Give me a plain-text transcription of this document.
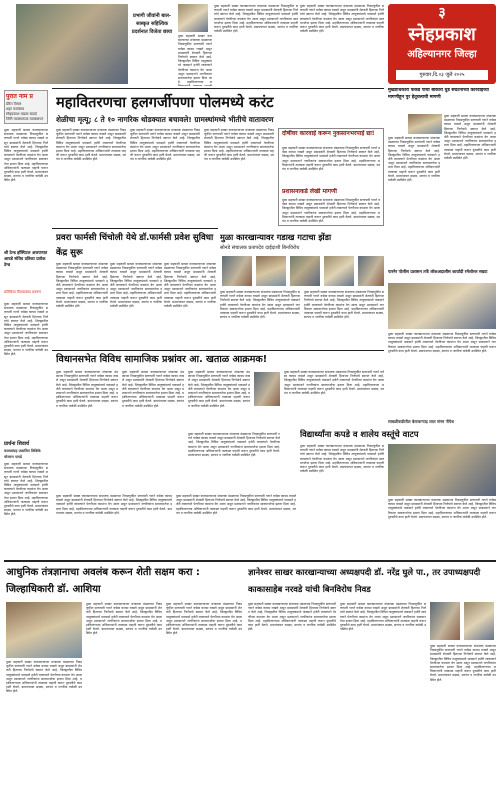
प्रभागी जीवांनी बाल-सास्कृत सहित्यिक प्रदर्शनात विजेता छाया
मुळा सहकारी साखर कारखान्याच्या संचालक मंडळाच्या निवडणुकीत सत्ताधारी गटाने वर्चस्व कायम राखले असून ग्रामस्थांनी शेतकरी हिताच्या निर्णयांचे स्वागत केले आहे. जिल्ह्यातील विविध तालुक्यांमध्ये पावसाने हजेरी लावल्याने पेरणीच्या कामांना वेग आला असून प्रशासनाने नागरिकांना सावधानतेचा इशारा दिला आहे. महावितरणच्या अ
मुळा सहकारी साखर कारखान्याच्या संचालक मंडळाच्या निवडणुकीत सत्ताधारी गटाने वर्चस्व कायम राखले असून ग्रामस्थांनी शेतकरी हिताच्या निर्णयांचे स्वागत केले आहे. जिल्ह्यातील विविध तालुक्यांमध्ये पावसाने हजेरी लावल्याने पेरणीच्या कामांना वेग आला असून प्रशासनाने नागरिकांना सावधानतेचा इशारा दिला आहे. महावितरणच्या अधिकाऱ्यांनी तात्काळ पाहणी करून दुरुस्तीचे काम हाती घेतले. ग्रामपंचायत सदस्य, सरपंच व नागरिक यावेळी उपस्थित होते.
मुळा सहकारी साखर कारखान्याच्या संचालक मंडळाच्या निवडणुकीत सत्ताधारी गटाने वर्चस्व कायम राखले असून ग्रामस्थांनी शेतकरी हिताच्या निर्णयांचे स्वागत केले आहे. जिल्ह्यातील विविध तालुक्यांमध्ये पावसाने हजेरी लावल्याने पेरणीच्या कामांना वेग आला असून प्रशासनाने नागरिकांना सावधानतेचा इशारा दिला आहे. महावितरणच्या अधिकाऱ्यांनी तात्काळ पाहणी करून दुरुस्तीचे काम हाती घेतले. ग्रामपंचायत सदस्य, सरपंच व नागरिक यावेळी उपस्थित होते.
३
स्नेहप्रकाश
अहिल्यानगर जिल्हा
गुरुवार,दि.०३ जुलै २०२५
पुरात नाम प्र
प्रेरित विचार
शहर कार्यालय
स्नेहप्रकाश वाढवा सदाडे
जिनि व्यवस्थापक व्यवस्थापन
महावितरणचा हलगर्जीपणा पोलमध्ये करंट
शेळीचा मृत्यू; ८ ते १० नागरिक थोडक्यात बचावले! ग्रामस्थांमध्ये भीतीचे वातावरण
मुख्याधिकारी फकडे पांचा बीकारी धुर्ड संघटनांच्या कारवाईच्या मागणीहून पुर हेतूचलाची मागणी
मुळा सहकारी साखर कारखान्याच्या संचालक मंडळाच्या निवडणुकीत सत्ताधारी गटाने वर्चस्व कायम राखले असून ग्रामस्थांनी शेतकरी हिताच्या निर्णयांचे स्वागत केले आहे. जिल्ह्यातील विविध तालुक्यांमध्ये पावसाने हजेरी लावल्याने पेरणीच्या कामांना वेग आला असून प्रशासनाने नागरिकांना सावधानतेचा इशारा दिला आहे. महावितरणच्या अधिकाऱ्यांनी तात्काळ पाहणी करून दुरुस्तीचे काम हाती घेतले. ग्रामपंचायत सदस्य, सरपंच व नागरिक यावेळी उपस्थित होते.
श्री ठेन्ड हॉस्पिटल अजयणात आवडे संधिव प्रतिका प्रत्येक ठेन्ड
प्रतिक्रिया विवादास्पद प्रकरण
मुळा सहकारी साखर कारखान्याच्या संचालक मंडळाच्या निवडणुकीत सत्ताधारी गटाने वर्चस्व कायम राखले असून ग्रामस्थांनी शेतकरी हिताच्या निर्णयांचे स्वागत केले आहे. जिल्ह्यातील विविध तालुक्यांमध्ये पावसाने हजेरी लावल्याने पेरणीच्या कामांना वेग आला असून प्रशासनाने नागरिकांना सावधानतेचा इशारा दिला आहे. महावितरणच्या अधिकाऱ्यांनी तात्काळ पाहणी करून दुरुस्तीचे काम हाती घेतले. ग्रामपंचायत सदस्य, सरपंच व नागरिक यावेळी उपस्थित होते.
प्रार्थना शिवार्थ
काव्यसंग्रह प्रकाशित शिक्षिके चोसरण पायडे
मुळा सहकारी साखर कारखान्याच्या संचालक मंडळाच्या निवडणुकीत सत्ताधारी गटाने वर्चस्व कायम राखले असून ग्रामस्थांनी शेतकरी हिताच्या निर्णयांचे स्वागत केले आहे. जिल्ह्यातील विविध तालुक्यांमध्ये पावसाने हजेरी लावल्याने पेरणीच्या कामांना वेग आला असून प्रशासनाने नागरिकांना सावधानतेचा इशारा दिला आहे. महावितरणच्या अधिकाऱ्यांनी तात्काळ पाहणी करून दुरुस्तीचे काम हाती घेतले. ग्रामपंचायत सदस्य, सरपंच व नागरिक यावेळी उपस्थित होते.
मुळा सहकारी साखर कारखान्याच्या संचालक मंडळाच्या निवडणुकीत सत्ताधारी गटाने वर्चस्व कायम राखले असून ग्रामस्थांनी शेतकरी हिताच्या निर्णयांचे स्वागत केले आहे. जिल्ह्यातील विविध तालुक्यांमध्ये पावसाने हजेरी लावल्याने पेरणीच्या कामांना वेग आला असून प्रशासनाने नागरिकांना सावधानतेचा इशारा दिला आहे. महावितरणच्या अधिकाऱ्यांनी तात्काळ पाहणी करून दुरुस्तीचे काम हाती घेतले. ग्रामपंचायत सदस्य, सरपंच व नागरिक यावेळी उपस्थित होते.
मुळा सहकारी साखर कारखान्याच्या संचालक मंडळाच्या निवडणुकीत सत्ताधारी गटाने वर्चस्व कायम राखले असून ग्रामस्थांनी शेतकरी हिताच्या निर्णयांचे स्वागत केले आहे. जिल्ह्यातील विविध तालुक्यांमध्ये पावसाने हजेरी लावल्याने पेरणीच्या कामांना वेग आला असून प्रशासनाने नागरिकांना सावधानतेचा इशारा दिला आहे. महावितरणच्या अधिकाऱ्यांनी तात्काळ पाहणी करून दुरुस्तीचे काम हाती घेतले. ग्रामपंचायत सदस्य, सरपंच व नागरिक यावेळी उपस्थित होते.
मुळा सहकारी साखर कारखान्याच्या संचालक मंडळाच्या निवडणुकीत सत्ताधारी गटाने वर्चस्व कायम राखले असून ग्रामस्थांनी शेतकरी हिताच्या निर्णयांचे स्वागत केले आहे. जिल्ह्यातील विविध तालुक्यांमध्ये पावसाने हजेरी लावल्याने पेरणीच्या कामांना वेग आला असून प्रशासनाने नागरिकांना सावधानतेचा इशारा दिला आहे. महावितरणच्या अधिकाऱ्यांनी तात्काळ पाहणी करून दुरुस्तीचे काम हाती घेतले. ग्रामपंचायत सदस्य, सरपंच व नागरिक यावेळी उपस्थित होते.
दोषींवर कारवाई करून नुकसानभरपाई द्या!
मुळा सहकारी साखर कारखान्याच्या संचालक मंडळाच्या निवडणुकीत सत्ताधारी गटाने वर्चस्व कायम राखले असून ग्रामस्थांनी शेतकरी हिताच्या निर्णयांचे स्वागत केले आहे. जिल्ह्यातील विविध तालुक्यांमध्ये पावसाने हजेरी लावल्याने पेरणीच्या कामांना वेग आला असून प्रशासनाने नागरिकांना सावधानतेचा इशारा दिला आहे. महावितरणच्या अधिकाऱ्यांनी तात्काळ पाहणी करून दुरुस्तीचे काम हाती घेतले. ग्रामपंचायत सदस्य, सरपंच व नागरिक यावेळी उपस्थित होते.
प्रशासनाकडे लेखी मागणी
मुळा सहकारी साखर कारखान्याच्या संचालक मंडळाच्या निवडणुकीत सत्ताधारी गटाने वर्चस्व कायम राखले असून ग्रामस्थांनी शेतकरी हिताच्या निर्णयांचे स्वागत केले आहे. जिल्ह्यातील विविध तालुक्यांमध्ये पावसाने हजेरी लावल्याने पेरणीच्या कामांना वेग आला असून प्रशासनाने नागरिकांना सावधानतेचा इशारा दिला आहे. महावितरणच्या अधिकाऱ्यांनी तात्काळ पाहणी करून दुरुस्तीचे काम हाती घेतले. ग्रामपंचायत सदस्य, सरपंच व नागरिक यावेळी उपस्थित होते.
मुळा सहकारी साखर कारखान्याच्या संचालक मंडळाच्या निवडणुकीत सत्ताधारी गटाने वर्चस्व कायम राखले असून ग्रामस्थांनी शेतकरी हिताच्या निर्णयांचे स्वागत केले आहे. जिल्ह्यातील विविध तालुक्यांमध्ये पावसाने हजेरी लावल्याने पेरणीच्या कामांना वेग आला असून प्रशासनाने नागरिकांना सावधानतेचा इशारा दिला आहे. महावितरणच्या अधिकाऱ्यांनी तात्काळ पाहणी करून दुरुस्तीचे काम हाती घेतले. ग्रामपंचायत सदस्य, सरपंच व नागरिक यावेळी उपस्थित होते.
मुळा सहकारी साखर कारखान्याच्या संचालक मंडळाच्या निवडणुकीत सत्ताधारी गटाने वर्चस्व कायम राखले असून ग्रामस्थांनी शेतकरी हिताच्या निर्णयांचे स्वागत केले आहे. जिल्ह्यातील विविध तालुक्यांमध्ये पावसाने हजेरी लावल्याने पेरणीच्या कामांना वेग आला असून प्रशासनाने नागरिकांना सावधानतेचा इशारा दिला आहे. महावितरणच्या अधिकाऱ्यांनी तात्काळ पाहणी करून दुरुस्तीचे काम हाती घेतले. ग्रामपंचायत सदस्य, सरपंच व नागरिक यावेळी उपस्थित होते.
प्रवरा फार्मसी चिंचोली येथे डॉ.फार्मसी प्रवेश सुविधा केंद्र सुरू
मुळा सहकारी साखर कारखान्याच्या संचालक मंडळाच्या निवडणुकीत सत्ताधारी गटाने वर्चस्व कायम राखले असून ग्रामस्थांनी शेतकरी हिताच्या निर्णयांचे स्वागत केले आहे. जिल्ह्यातील विविध तालुक्यांमध्ये पावसाने हजेरी लावल्याने पेरणीच्या कामांना वेग आला असून प्रशासनाने नागरिकांना सावधानतेचा इशारा दिला आहे. महावितरणच्या अधिकाऱ्यांनी तात्काळ पाहणी करून दुरुस्तीचे काम हाती घेतले. ग्रामपंचायत सदस्य, सरपंच व नागरिक यावेळी उपस्थित होते.
मुळा सहकारी साखर कारखान्याच्या संचालक मंडळाच्या निवडणुकीत सत्ताधारी गटाने वर्चस्व कायम राखले असून ग्रामस्थांनी शेतकरी हिताच्या निर्णयांचे स्वागत केले आहे. जिल्ह्यातील विविध तालुक्यांमध्ये पावसाने हजेरी लावल्याने पेरणीच्या कामांना वेग आला असून प्रशासनाने नागरिकांना सावधानतेचा इशारा दिला आहे. महावितरणच्या अधिकाऱ्यांनी तात्काळ पाहणी करून दुरुस्तीचे काम हाती घेतले. ग्रामपंचायत सदस्य, सरपंच व नागरिक यावेळी उपस्थित होते.
मुळा सहकारी साखर कारखान्याच्या संचालक मंडळाच्या निवडणुकीत सत्ताधारी गटाने वर्चस्व कायम राखले असून ग्रामस्थांनी शेतकरी हिताच्या निर्णयांचे स्वागत केले आहे. जिल्ह्यातील विविध तालुक्यांमध्ये पावसाने हजेरी लावल्याने पेरणीच्या कामांना वेग आला असून प्रशासनाने नागरिकांना सावधानतेचा इशारा दिला आहे. महावितरणच्या अधिकाऱ्यांनी तात्काळ पाहणी करून दुरुस्तीचे काम हाती घेतले. ग्रामपंचायत सदस्य, सरपंच व नागरिक यावेळी उपस्थित होते.
मुळा कारखान्यावर गडाख गटाचा झेंडा
सोनडे संचालक प्रतापदेव दाईदाशी बिनविरोध
मुळा सहकारी साखर कारखान्याच्या संचालक मंडळाच्या निवडणुकीत सत्ताधारी गटाने वर्चस्व कायम राखले असून ग्रामस्थांनी शेतकरी हिताच्या निर्णयांचे स्वागत केले आहे. जिल्ह्यातील विविध तालुक्यांमध्ये पावसाने हजेरी लावल्याने पेरणीच्या कामांना वेग आला असून प्रशासनाने नागरिकांना सावधानतेचा इशारा दिला आहे. महावितरणच्या अधिकाऱ्यांनी तात्काळ पाहणी करून दुरुस्तीचे काम हाती घेतले. ग्रामपंचायत सदस्य, सरपंच व नागरिक यावेळी उपस्थित होते.
मुळा सहकारी साखर कारखान्याच्या संचालक मंडळाच्या निवडणुकीत सत्ताधारी गटाने वर्चस्व कायम राखले असून ग्रामस्थांनी शेतकरी हिताच्या निर्णयांचे स्वागत केले आहे. जिल्ह्यातील विविध तालुक्यांमध्ये पावसाने हजेरी लावल्याने पेरणीच्या कामांना वेग आला असून प्रशासनाने नागरिकांना सावधानतेचा इशारा दिला आहे. महावितरणच्या अधिकाऱ्यांनी तात्काळ पाहणी करून दुरुस्तीचे काम हाती घेतले. ग्रामपंचायत सदस्य, सरपंच व नागरिक यावेळी उपस्थित होते.
पारनेर पोलीस प्रशासन तर्फे लोकअदालीस कार्यादी रमेशोत्तर सम्राट
मुळा सहकारी साखर कारखान्याच्या संचालक मंडळाच्या निवडणुकीत सत्ताधारी गटाने वर्चस्व कायम राखले असून ग्रामस्थांनी शेतकरी हिताच्या निर्णयांचे स्वागत केले आहे. जिल्ह्यातील विविध तालुक्यांमध्ये पावसाने हजेरी लावल्याने पेरणीच्या कामांना वेग आला असून प्रशासनाने नागरिकांना सावधानतेचा इशारा दिला आहे. महावितरणच्या अधिकाऱ्यांनी तात्काळ पाहणी करून दुरुस्तीचे काम हाती घेतले. ग्रामपंचायत सदस्य, सरपंच व नागरिक यावेळी उपस्थित होते.
विधानसभेत विविध सामाजिक प्रश्नांवर आ. खताळ आक्रमक!
मुळा सहकारी साखर कारखान्याच्या संचालक मंडळाच्या निवडणुकीत सत्ताधारी गटाने वर्चस्व कायम राखले असून ग्रामस्थांनी शेतकरी हिताच्या निर्णयांचे स्वागत केले आहे. जिल्ह्यातील विविध तालुक्यांमध्ये पावसाने हजेरी लावल्याने पेरणीच्या कामांना वेग आला असून प्रशासनाने नागरिकांना सावधानतेचा इशारा दिला आहे. महावितरणच्या अधिकाऱ्यांनी तात्काळ पाहणी करून दुरुस्तीचे काम हाती घेतले. ग्रामपंचायत सदस्य, सरपंच व नागरिक यावेळी उपस्थित होते.
मुळा सहकारी साखर कारखान्याच्या संचालक मंडळाच्या निवडणुकीत सत्ताधारी गटाने वर्चस्व कायम राखले असून ग्रामस्थांनी शेतकरी हिताच्या निर्णयांचे स्वागत केले आहे. जिल्ह्यातील विविध तालुक्यांमध्ये पावसाने हजेरी लावल्याने पेरणीच्या कामांना वेग आला असून प्रशासनाने नागरिकांना सावधानतेचा इशारा दिला आहे. महावितरणच्या अधिकाऱ्यांनी तात्काळ पाहणी करून दुरुस्तीचे काम हाती घेतले. ग्रामपंचायत सदस्य, सरपंच व नागरिक यावेळी उपस्थित होते.
मुळा सहकारी साखर कारखान्याच्या संचालक मंडळाच्या निवडणुकीत सत्ताधारी गटाने वर्चस्व कायम राखले असून ग्रामस्थांनी शेतकरी हिताच्या निर्णयांचे स्वागत केले आहे. जिल्ह्यातील विविध तालुक्यांमध्ये पावसाने हजेरी लावल्याने पेरणीच्या कामांना वेग आला असून प्रशासनाने नागरिकांना सावधानतेचा इशारा दिला आहे. महावितरणच्या अधिकाऱ्यांनी तात्काळ पाहणी करून दुरुस्तीचे काम हाती घेतले. ग्रामपंचायत सदस्य, सरपंच व नागरिक यावेळी उपस्थित होते.
मुळा सहकारी साखर कारखान्याच्या संचालक मंडळाच्या निवडणुकीत सत्ताधारी गटाने वर्चस्व कायम राखले असून ग्रामस्थांनी शेतकरी हिताच्या निर्णयांचे स्वागत केले आहे. जिल्ह्यातील विविध तालुक्यांमध्ये पावसाने हजेरी लावल्याने पेरणीच्या कामांना वेग आला असून प्रशासनाने नागरिकांना सावधानतेचा इशारा दिला आहे. महावितरणच्या अधिकाऱ्यांनी तात्काळ पाहणी करून दुरुस्तीचे काम हाती घेतले. ग्रामपंचायत सदस्य, सरपंच व नागरिक यावेळी उपस्थित होते.
मुळा सहकारी साखर कारखान्याच्या संचालक मंडळाच्या निवडणुकीत सत्ताधारी गटाने वर्चस्व कायम राखले असून ग्रामस्थांनी शेतकरी हिताच्या निर्णयांचे स्वागत केले आहे. जिल्ह्यातील विविध तालुक्यांमध्ये पावसाने हजेरी लावल्याने पेरणीच्या कामांना वेग आला असून प्रशासनाने नागरिकांना सावधानतेचा इशारा दिला आहे. महावितरणच्या अधिकाऱ्यांनी तात्काळ पाहणी करून दुरुस्तीचे काम हाती घेतले. ग्रामपंचायत सदस्य, सरपंच व नागरिक यावेळी उपस्थित होते.
साबळीवाडीतील बेल्टकन्याद्र लाल संगम नीयेश
विद्यार्थ्यांना कपडे व शालेय वस्तूंचे वाटप
मुळा सहकारी साखर कारखान्याच्या संचालक मंडळाच्या निवडणुकीत सत्ताधारी गटाने वर्चस्व कायम राखले असून ग्रामस्थांनी शेतकरी हिताच्या निर्णयांचे स्वागत केले आहे. जिल्ह्यातील विविध तालुक्यांमध्ये पावसाने हजेरी लावल्याने पेरणीच्या कामांना वेग आला असून प्रशासनाने नागरिकांना सावधानतेचा इशारा दिला आहे. महावितरणच्या अधिकाऱ्यांनी तात्काळ पाहणी करून दुरुस्तीचे काम हाती घेतले. ग्रामपंचायत सदस्य, सरपंच व नागरिक यावेळी उपस्थित होते.
मुळा सहकारी साखर कारखान्याच्या संचालक मंडळाच्या निवडणुकीत सत्ताधारी गटाने वर्चस्व कायम राखले असून ग्रामस्थांनी शेतकरी हिताच्या निर्णयांचे स्वागत केले आहे. जिल्ह्यातील विविध तालुक्यांमध्ये पावसाने हजेरी लावल्याने पेरणीच्या कामांना वेग आला असून प्रशासनाने नागरिकांना सावधानतेचा इशारा दिला आहे. महावितरणच्या अधिकाऱ्यांनी तात्काळ पाहणी करून दुरुस्तीचे काम हाती घेतले. ग्रामपंचायत सदस्य, सरपंच व नागरिक यावेळी उपस्थित होते.
मुळा सहकारी साखर कारखान्याच्या संचालक मंडळाच्या निवडणुकीत सत्ताधारी गटाने वर्चस्व कायम राखले असून ग्रामस्थांनी शेतकरी हिताच्या निर्णयांचे स्वागत केले आहे. जिल्ह्यातील विविध तालुक्यांमध्ये पावसाने हजेरी लावल्याने पेरणीच्या कामांना वेग आला असून प्रशासनाने नागरिकांना सावधानतेचा इशारा दिला आहे. महावितरणच्या अधिकाऱ्यांनी तात्काळ पाहणी करून दुरुस्तीचे काम हाती घेतले. ग्रामपंचायत सदस्य, सरपंच व नागरिक यावेळी उपस्थित होते.
मुळा सहकारी साखर कारखान्याच्या संचालक मंडळाच्या निवडणुकीत सत्ताधारी गटाने वर्चस्व कायम राखले असून ग्रामस्थांनी शेतकरी हिताच्या निर्णयांचे स्वागत केले आहे. जिल्ह्यातील विविध तालुक्यांमध्ये पावसाने हजेरी लावल्याने पेरणीच्या कामांना वेग आला असून प्रशासनाने नागरिकांना सावधानतेचा इशारा दिला आहे. महावितरणच्या अधिकाऱ्यांनी तात्काळ पाहणी करून दुरुस्तीचे काम हाती घेतले. ग्रामपंचायत सदस्य, सरपंच व नागरिक यावेळी उपस्थित होते.
आधुनिक तंत्रज्ञानाचा अवलंब करून शेती सक्षम करा : जिल्हाधिकारी डॉ. आशिया
मुळा सहकारी साखर कारखान्याच्या संचालक मंडळाच्या निवडणुकीत सत्ताधारी गटाने वर्चस्व कायम राखले असून ग्रामस्थांनी शेतकरी हिताच्या निर्णयांचे स्वागत केले आहे. जिल्ह्यातील विविध तालुक्यांमध्ये पावसाने हजेरी लावल्याने पेरणीच्या कामांना वेग आला असून प्रशासनाने नागरिकांना सावधानतेचा इशारा दिला आहे. महावितरणच्या अधिकाऱ्यांनी तात्काळ पाहणी करून दुरुस्तीचे काम हाती घेतले. ग्रामपंचायत सदस्य, सरपंच व नागरिक यावेळी उपस्थित होते.
मुळा सहकारी साखर कारखान्याच्या संचालक मंडळाच्या निवडणुकीत सत्ताधारी गटाने वर्चस्व कायम राखले असून ग्रामस्थांनी शेतकरी हिताच्या निर्णयांचे स्वागत केले आहे. जिल्ह्यातील विविध तालुक्यांमध्ये पावसाने हजेरी लावल्याने पेरणीच्या कामांना वेग आला असून प्रशासनाने नागरिकांना सावधानतेचा इशारा दिला आहे. महावितरणच्या अधिकाऱ्यांनी तात्काळ पाहणी करून दुरुस्तीचे काम हाती घेतले. ग्रामपंचायत सदस्य, सरपंच व नागरिक यावेळी उपस्थित होते.
मुळा सहकारी साखर कारखान्याच्या संचालक मंडळाच्या निवडणुकीत सत्ताधारी गटाने वर्चस्व कायम राखले असून ग्रामस्थांनी शेतकरी हिताच्या निर्णयांचे स्वागत केले आहे. जिल्ह्यातील विविध तालुक्यांमध्ये पावसाने हजेरी लावल्याने पेरणीच्या कामांना वेग आला असून प्रशासनाने नागरिकांना सावधानतेचा इशारा दिला आहे. महावितरणच्या अधिकाऱ्यांनी तात्काळ पाहणी करून दुरुस्तीचे काम हाती घेतले. ग्रामपंचायत सदस्य, सरपंच व नागरिक यावेळी उपस्थित होते.
ज्ञानेश्वर साखर कारखान्याच्या अध्यक्षपदी डॉ. नरेंद्र घुले पा., तर उपाध्यक्षपदी काकासाहेब नरवडे यांची बिनविरोध निवड
मुळा सहकारी साखर कारखान्याच्या संचालक मंडळाच्या निवडणुकीत सत्ताधारी गटाने वर्चस्व कायम राखले असून ग्रामस्थांनी शेतकरी हिताच्या निर्णयांचे स्वागत केले आहे. जिल्ह्यातील विविध तालुक्यांमध्ये पावसाने हजेरी लावल्याने पेरणीच्या कामांना वेग आला असून प्रशासनाने नागरिकांना सावधानतेचा इशारा दिला आहे. महावितरणच्या अधिकाऱ्यांनी तात्काळ पाहणी करून दुरुस्तीचे काम हाती घेतले. ग्रामपंचायत सदस्य, सरपंच व नागरिक यावेळी उपस्थित होते.
मुळा सहकारी साखर कारखान्याच्या संचालक मंडळाच्या निवडणुकीत सत्ताधारी गटाने वर्चस्व कायम राखले असून ग्रामस्थांनी शेतकरी हिताच्या निर्णयांचे स्वागत केले आहे. जिल्ह्यातील विविध तालुक्यांमध्ये पावसाने हजेरी लावल्याने पेरणीच्या कामांना वेग आला असून प्रशासनाने नागरिकांना सावधानतेचा इशारा दिला आहे. महावितरणच्या अधिकाऱ्यांनी तात्काळ पाहणी करून दुरुस्तीचे काम हाती घेतले. ग्रामपंचायत सदस्य, सरपंच व नागरिक यावेळी उपस्थित होते.
मुळा सहकारी साखर कारखान्याच्या संचालक मंडळाच्या निवडणुकीत सत्ताधारी गटाने वर्चस्व कायम राखले असून ग्रामस्थांनी शेतकरी हिताच्या निर्णयांचे स्वागत केले आहे. जिल्ह्यातील विविध तालुक्यांमध्ये पावसाने हजेरी लावल्याने पेरणीच्या कामांना वेग आला असून प्रशासनाने नागरिकांना सावधानतेचा इशारा दिला आहे. महावितरणच्या अधिकाऱ्यांनी तात्काळ पाहणी करून दुरुस्तीचे काम हाती घेतले. ग्रामपंचायत सदस्य, सरपंच व नागरिक यावेळी उपस्थित होते.
